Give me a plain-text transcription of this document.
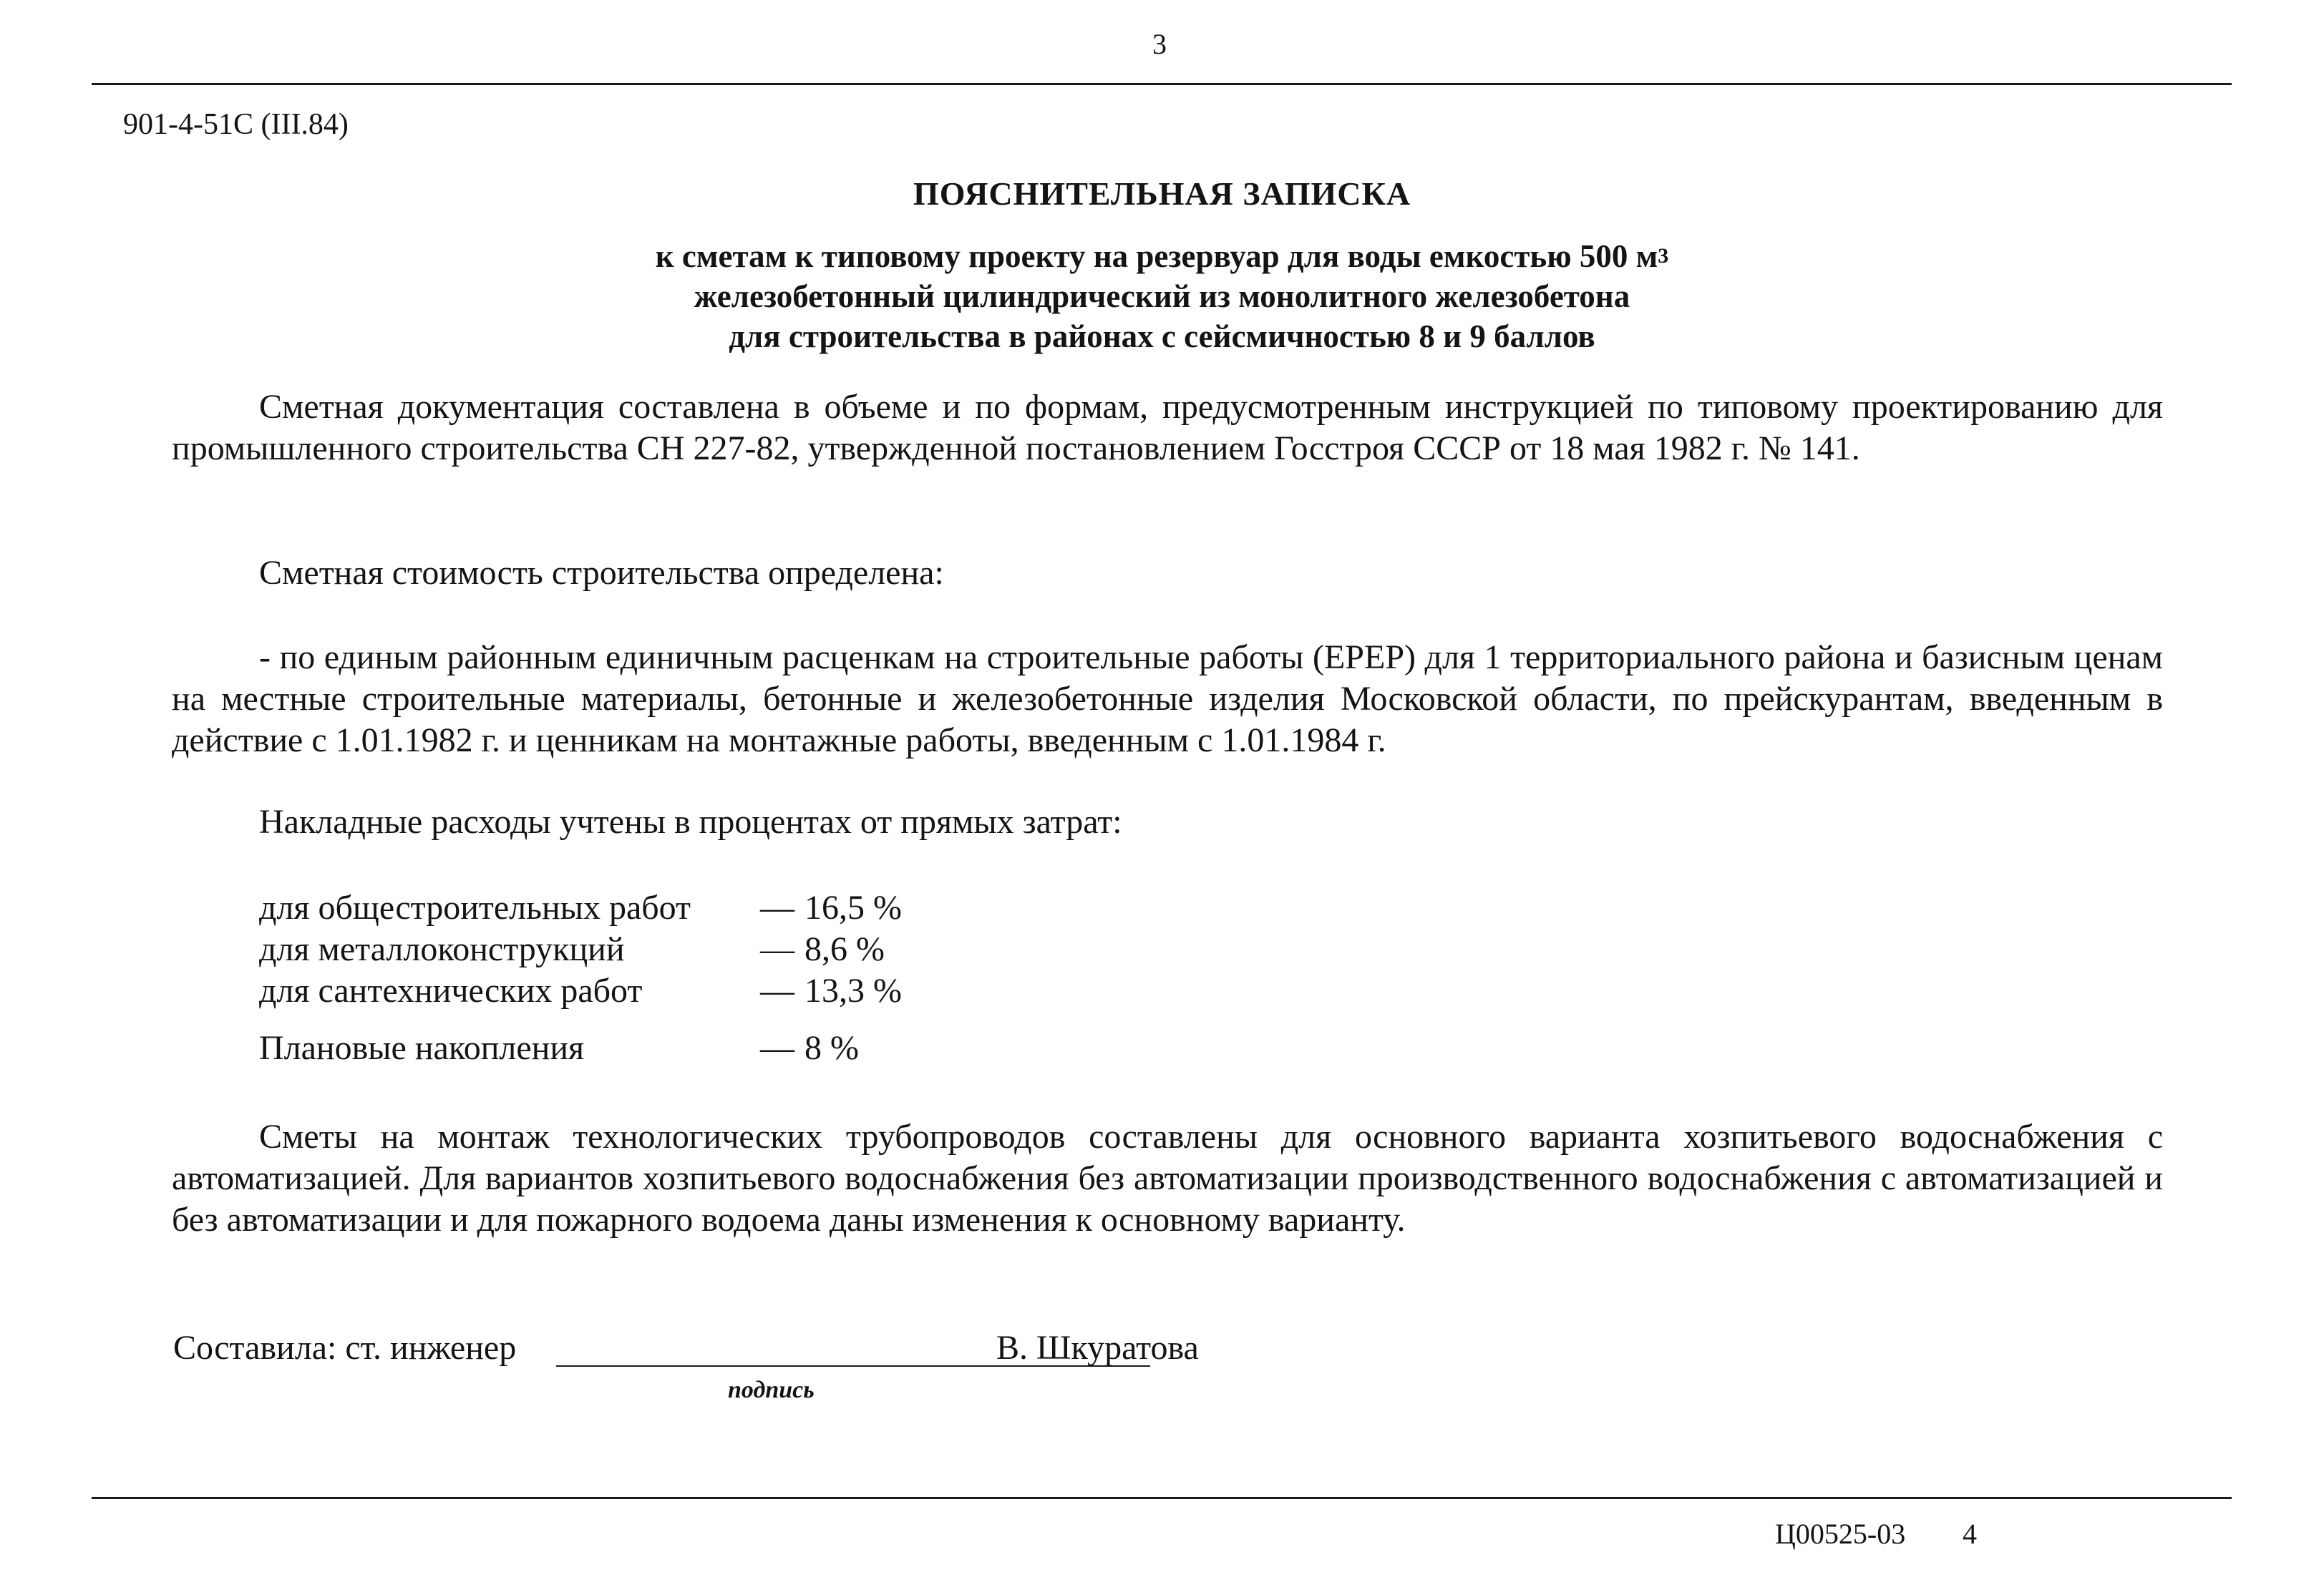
3
901-4-51С (III.84)
ПОЯСНИТЕЛЬНАЯ ЗАПИСКА
к сметам к типовому проекту на резервуар для воды емкостью 500 $м^3$
железобетонный цилиндрический из монолитного железобетона
для строительства в районах с сейсмичностью 8 и 9 баллов

Сметная документация составлена в объеме и по формам, предусмотренным инструкцией по типовому проектированию для промышленного строительства СН 227-82, утвержденной постановлением Госстроя СССР от 18 мая 1982 г. № 141.

Сметная стоимость строительства определена:

- по единым районным единичным расценкам на строительные работы (ЕРЕР) для 1 территориального района и базисным ценам на местные строительные материалы, бетонные и железобетонные изделия Московской области, по прейскурантам, введенным в действие с 1.01.1982 г. и ценникам на монтажные работы, введенным с 1.01.1984 г.

Накладные расходы учтены в процентах от прямых затрат:

для общестроительных работ	— 16,5 %
для металлоконструкций	— 8,6 %
для сантехнических работ	— 13,3 %
Плановые накопления	— 8 %

Сметы на монтаж технологических трубопроводов составлены для основного варианта хозпитьевого водоснабжения с автоматизацией. Для вариантов хозпитьевого водоснабжения без автоматизации производственного водоснабжения с автоматизацией и без автоматизации и для пожарного водоема даны изменения к основному варианту.

Составила: ст. инженер
подпись
В. Шкуратова
Ц00525-03 4
